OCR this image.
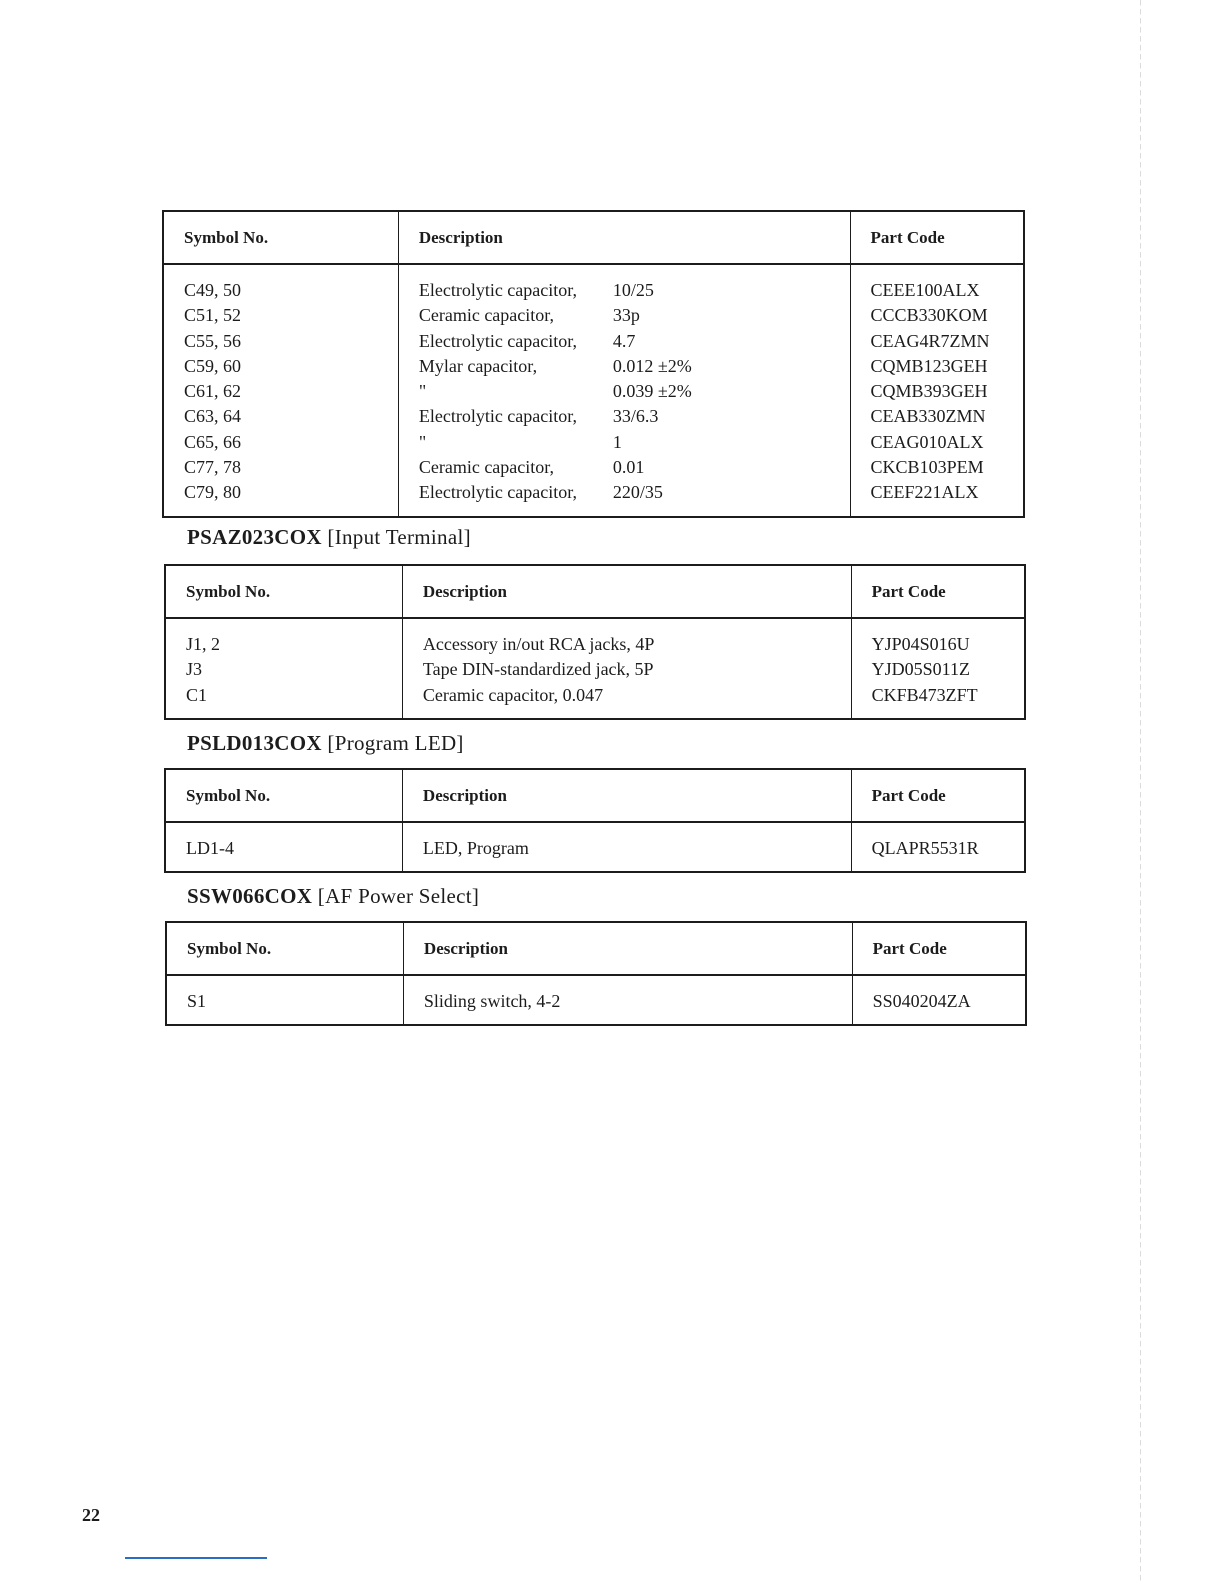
Symbol No.	Description		Part Code
C49, 50	Electrolytic capacitor,	10/25	CEEE100ALX
C51, 52	Ceramic capacitor,	33p	CCCB330KOM
C55, 56	Electrolytic capacitor,	4.7	CEAG4R7ZMN
C59, 60	Mylar capacitor,	0.012 ±2%	CQMB123GEH
C61, 62	"	0.039 ±2%	CQMB393GEH
C63, 64	Electrolytic capacitor,	33/6.3	CEAB330ZMN
C65, 66	"	1	CEAG010ALX
C77, 78	Ceramic capacitor,	0.01	CKCB103PEM
C79, 80	Electrolytic capacitor,	220/35	CEEF221ALX
PSAZ023COX [Input Terminal]
Symbol No.	Description	Part Code
J1, 2	Accessory in/out RCA jacks, 4P	YJP04S016U
J3	Tape DIN-standardized jack, 5P	YJD05S011Z
C1	Ceramic capacitor, 0.047	CKFB473ZFT
PSLD013COX [Program LED]
Symbol No.	Description	Part Code
LD1-4	LED, Program	QLAPR5531R
SSW066COX [AF Power Select]
Symbol No.	Description	Part Code
S1	Sliding switch, 4-2	SS040204ZA
22
